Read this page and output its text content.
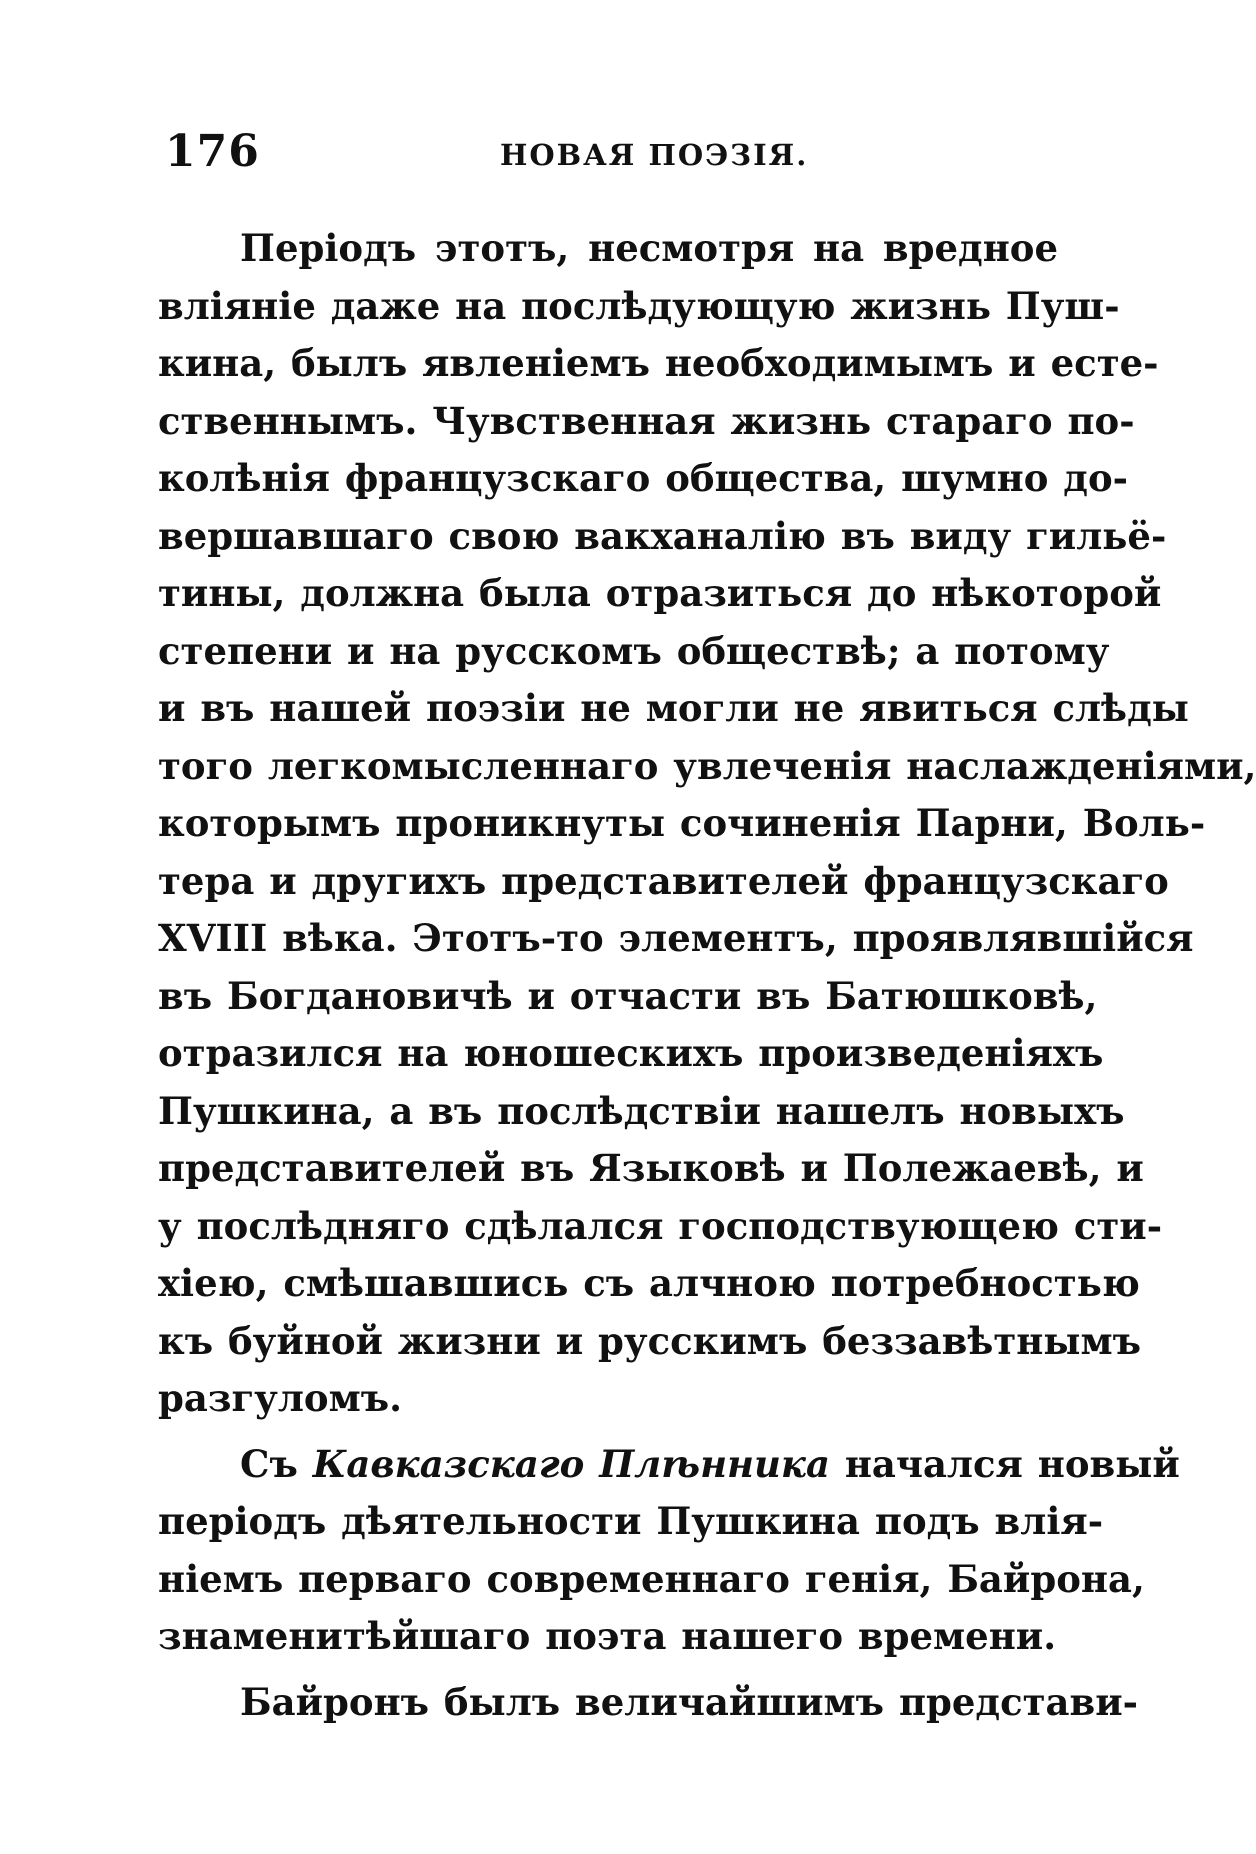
176	НОВАЯ ПОЭЗІЯ.
Періодъ этотъ, несмотря на вредное
вліяніе даже на послѣдующую жизнь Пуш-
кина, былъ явленіемъ необходимымъ и есте-
ственнымъ. Чувственная жизнь стараго по-
колѣнія французскаго общества, шумно до-
вершавшаго свою вакханалію въ виду гильё-
тины, должна была отразиться до нѣкоторой
степени и на русскомъ обществѣ; а потому
и въ нашей поэзіи не могли не явиться слѣды
того легкомысленнаго увлеченія наслажденіями,
которымъ проникнуты сочиненія Парни, Воль-
тера и другихъ представителей французскаго
XVIII вѣка. Этотъ-то элементъ, проявлявшійся
въ Богдановичѣ и отчасти въ Батюшковѣ,
отразился на юношескихъ произведеніяхъ
Пушкина, а въ послѣдствіи нашелъ новыхъ
представителей въ Языковѣ и Полежаевѣ, и
у послѣдняго сдѣлался господствующею сти-
хіею, смѣшавшись съ алчною потребностью
къ буйной жизни и русскимъ беззавѣтнымъ
разгуломъ.
Съ Кавказскаго Плѣнника начался новый
періодъ дѣятельности Пушкина подъ влія-
ніемъ перваго современнаго генія, Байрона,
знаменитѣйшаго поэта нашего времени.
Байронъ былъ величайшимъ представи-
